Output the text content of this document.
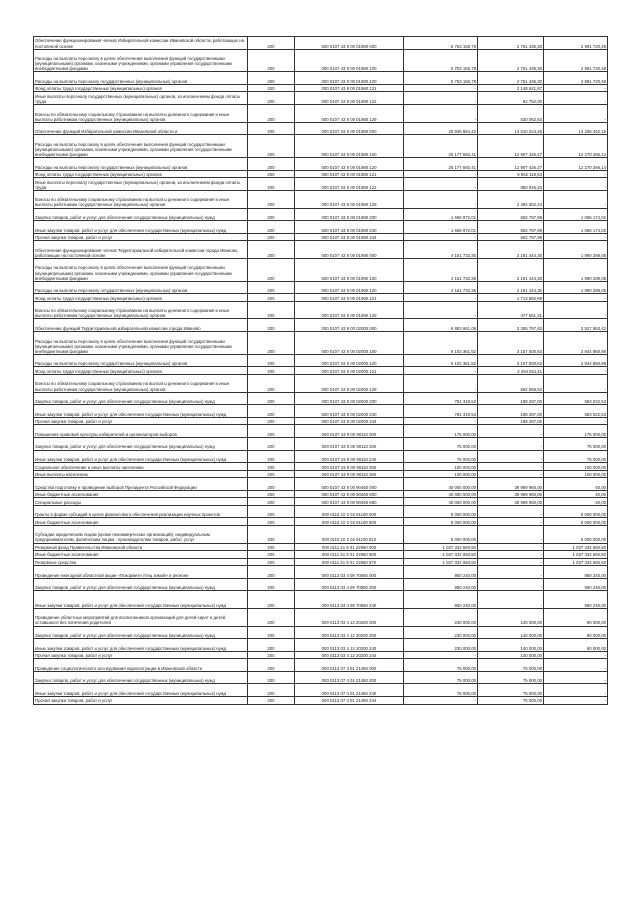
Обеспечение функционирования членов Избирательной комиссии Ивановской области, работающих на постоянной основе	200	000 0107 43 9 00 01980 000	5 753 156,78	2 761 436,30	2 991 720,48
Расходы на выплаты персоналу в целях обеспечения выполнения функций государственными (муниципальными) органами, казенными учреждениями, органами управления государственными внебюджетными фондами	200	000 0107 43 9 00 01980 100	5 753 156,78	2 761 436,30	2 991 720,48
Расходы на выплаты персоналу государственных (муниципальных) органов	200	000 0107 43 9 00 01980 120	5 753 156,78	2 761 436,30	2 991 720,48
Фонд оплаты труда государственных (муниципальных) органов	200	000 0107 43 9 00 01980 121	-	2 148 621,87	-
Иные выплаты персоналу государственных (муниципальных) органов, за исключением фонда оплаты труда	200	000 0107 43 9 00 01980 122	-	82 752,00	-
Взносы по обязательному социальному страхованию на выплаты денежного содержания и иные выплаты работникам государственных (муниципальных) органов	200	000 0107 43 9 00 01980 129	-	530 062,63	-
Обеспечение функций Избирательной комиссии Ивановской области и	200	000 0107 43 9 00 01980 000	25 846 664,42	13 510 224,26	13 336 442,16
Расходы на выплаты персоналу в целях обеспечения выполнения функций государственными (муниципальными) органами, казенными учреждениями, органами управления государственными внебюджетными фондами	200	000 0107 43 9 00 01980 100	25 177 692,41	12 907 426,27	12 270 266,14
Расходы на выплаты персоналу государственных (муниципальных) органов	200	000 0107 43 9 00 01980 120	25 177 692,41	12 907 426,27	12 270 266,14
Фонд оплаты труда государственных (муниципальных) органов	200	000 0107 43 9 00 01980 121	-	9 562 118,63	-
Иные выплаты персоналу государственных (муниципальных) органов, за исключением фонда оплаты труда	200	000 0107 43 9 00 01980 122	-	850 945,20	-
Взносы по обязательному социальному страхованию на выплаты денежного содержания и иные выплаты работникам государственных (муниципальных) органов	200	000 0107 43 9 00 01980 129	-	2 494 362,44	-
Закупка товаров, работ и услуг для обеспечения государственных (муниципальных) нужд	200	000 0107 43 9 00 01980 200	1 668 972,01	602 797,99	1 066 174,02
Иные закупки товаров, работ и услуг для обеспечения государственных (муниципальных) нужд	200	000 0107 43 9 00 01980 240	1 668 972,01	602 797,99	1 066 174,02
Прочая закупка товаров, работ и услуг	200	000 0107 43 9 00 01980 244	-	602 797,99	-
Обеспечение функционирования членов Территориальной избирательной комиссии города Иваново, работающих на постоянной основе	200	000 0107 43 9 00 01990 000	4 161 732,35	2 191 444,30	1 990 288,05
Расходы на выплаты персоналу в целях обеспечения выполнения функций государственными (муниципальными) органами, казенными учреждениями, органами управления государственными внебюджетными фондами	200	000 0107 43 9 00 01990 100	4 161 732,35	2 191 444,30	1 990 288,05
Расходы на выплаты персоналу государственных (муниципальных) органов	200	000 0107 43 9 00 01990 120	4 161 732,35	2 191 444,30	1 990 288,05
Фонд оплаты труда государственных (муниципальных) органов	200	000 0107 43 9 00 01990 121	-	1 713 882,99	-
Взносы по обязательному социальному страхованию на выплаты денежного содержания и иные выплаты работникам государственных (муниципальных) органов	200	000 0107 43 9 00 01990 129	-	477 561,31	-
Обеспечение функций Территориальной избирательной комиссии города Иваново	200	000 0107 43 9 00 02000 000	6 883 661,06	3 355 797,63	3 527 863,42
Расходы на выплаты персоналу в целях обеспечения выполнения функций государственными (муниципальными) органами, казенными учреждениями, органами управления государственными внебюджетными фондами	200	000 0107 43 9 00 02000 100	6 102 361,52	3 157 500,63	2 944 860,89
Расходы на выплаты персоналу государственных (муниципальных) органов	200	000 0107 43 9 00 02000 120	6 102 361,52	3 157 500,63	2 944 860,89
Фонд оплаты труда государственных (муниципальных) органов	200	000 0107 43 9 00 02000 121	-	2 494 931,11	-
Взносы по обязательному социальному страхованию на выплаты денежного содержания и иные выплаты работникам государственных (муниципальных) органов	200	000 0107 43 9 00 02000 129	-	662 569,52	-
Закупка товаров, работ и услуг для обеспечения государственных (муниципальных) нужд	200	000 0107 43 9 00 02000 200	781 319,53	198 297,00	583 022,53
Иные закупки товаров, работ и услуг для обеспечения государственных (муниципальных) нужд	200	000 0107 43 9 00 02000 240	781 319,53	198 297,00	583 022,53
Прочая закупка товаров, работ и услуг	200	000 0107 43 9 00 02000 244	-	198 297,00	-
Повышение правовой культуры избирателей и организаторов выборов	200	000 0107 43 9 00 90110 000	175 000,00	-	175 000,00
Закупка товаров, работ и услуг для обеспечения государственных (муниципальных) нужд	200	000 0107 43 9 00 90110 200	75 000,00	-	75 000,00
Иные закупки товаров, работ и услуг для обеспечения государственных (муниципальных) нужд	200	000 0107 43 9 00 90110 240	75 000,00	-	75 000,00
Социальное обеспечение и иные выплаты населению	200	000 0107 43 9 00 90110 300	100 000,00	-	100 000,00
Иные выплаты населению	200	000 0107 43 9 00 90110 360	100 000,00	-	100 000,00
Средства подготовку и проведение выборов Президента Российской Федерации	200	000 0107 43 9 00 90460 000	40 000 000,00	39 999 960,00	40,00
Иные бюджетные ассигнования	200	000 0107 43 9 00 90460 800	40 000 000,00	39 999 960,00	40,00
Специальные расходы	200	000 0107 43 9 00 90460 880	40 000 000,00	39 999 960,00	40,00
Гранты в форме субсидий в целях финансового обеспечения реализации научных проектов	200	000 0110 10 2 02 61100 000	5 000 000,00	-	5 000 000,00
Иные бюджетные ассигнования	200	000 0110 10 2 02 61100 800	5 000 000,00	-	5 000 000,00
Субсидии юридическим лицам (кроме некоммерческих организаций), индивидуальным предпринимателям, физическим лицам - производителям товаров, работ, услуг	200	000 0110 10 2 02 61100 810	5 000 000,00	-	5 000 000,00
Резервный фонд Правительства Ивановской области	200	000 0111 41 9 01 22960 000	1 037 332 660,50	-	1 037 332 660,50
Иные бюджетные ассигнования	200	000 0111 41 9 01 22960 800	1 037 332 660,50	-	1 037 332 660,50
Резервные средства	200	000 0111 41 9 01 22960 870	1 037 332 660,50	-	1 037 332 660,50
Проведение ежегодной областной акции «Покормите птиц зимой» в регионе	200	000 0113 03 4 09 70580 000	950 240,00	-	950 240,00
Закупка товаров, работ и услуг для обеспечения государственных (муниципальных) нужд	200	000 0113 03 4 09 70580 200	950 240,00	-	950 240,00
Иные закупки товаров, работ и услуг для обеспечения государственных (муниципальных) нужд	200	000 0113 03 4 09 70580 240	950 240,00	-	950 240,00
Проведение областных мероприятий для воспитанников организаций для детей-сирот и детей, оставшихся без попечения родителей	200	000 0113 03 4 12 20200 000	230 000,00	140 000,00	90 000,00
Закупка товаров, работ и услуг для обеспечения государственных (муниципальных) нужд	200	000 0113 03 4 12 20200 200	230 000,00	140 000,00	90 000,00
Иные закупки товаров, работ и услуг для обеспечения государственных (муниципальных) нужд	200	000 0113 03 4 12 20200 240	230 000,00	140 000,00	90 000,00
Прочая закупка товаров, работ и услуг	200	000 0113 03 4 12 20200 244	-	140 000,00	-
Проведение социологического исследования наркоситуации в Ивановской области	200	000 0113 07 4 01 21450 000	75 000,00	75 000,00	-
Закупка товаров, работ и услуг для обеспечения государственных (муниципальных) нужд	200	000 0113 07 4 01 21450 200	75 000,00	75 000,00	-
Иные закупки товаров, работ и услуг для обеспечения государственных (муниципальных) нужд	200	000 0113 07 4 01 21450 240	75 000,00	75 000,00	-
Прочая закупка товаров, работ и услуг	200	000 0113 07 4 01 21450 244	-	75 000,00	-
